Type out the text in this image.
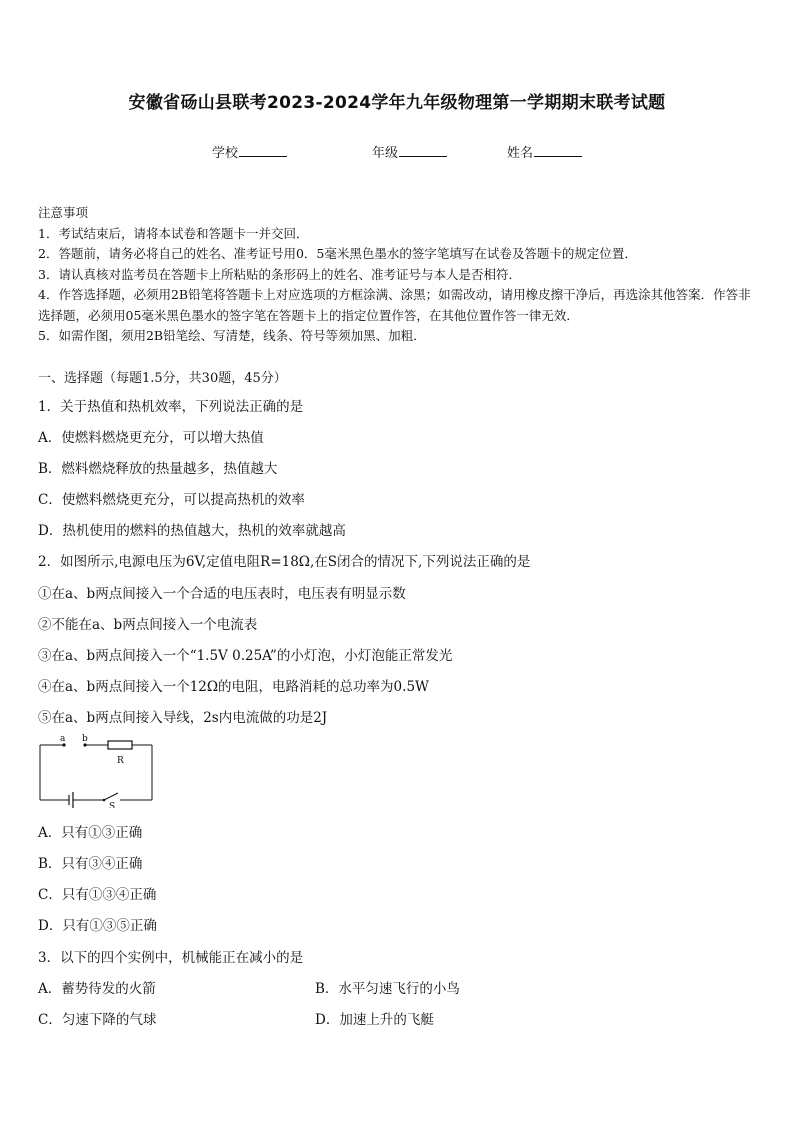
安徽省砀山县联考2023-2024学年九年级物理第一学期期末联考试题
学校	年级	姓名
注意事项
1．考试结束后，请将本试卷和答题卡一并交回．
2．答题前，请务必将自己的姓名、准考证号用0．5毫米黑色墨水的签字笔填写在试卷及答题卡的规定位置．
3．请认真核对监考员在答题卡上所粘贴的条形码上的姓名、准考证号与本人是否相符．
4．作答选择题，必须用2B铅笔将答题卡上对应选项的方框涂满、涂黑；如需改动，请用橡皮擦干净后，再选涂其他答案．作答非选择题，必须用05毫米黑色墨水的签字笔在答题卡上的指定位置作答，在其他位置作答一律无效．
5．如需作图，须用2B铅笔绘、写清楚，线条、符号等须加黑、加粗．
一、选择题（每题1.5分，共30题，45分）
1．关于热值和热机效率，下列说法正确的是
A．使燃料燃烧更充分，可以增大热值
B．燃料燃烧释放的热量越多，热值越大
C．使燃料燃烧更充分，可以提高热机的效率
D．热机使用的燃料的热值越大，热机的效率就越高
2．如图所示,电源电压为6V,定值电阻R=18Ω,在S闭合的情况下,下列说法正确的是
①在a、b两点间接入一个合适的电压表时，电压表有明显示数
②不能在a、b两点间接入一个电流表
③在a、b两点间接入一个“1.5V 0.25A”的小灯泡，小灯泡能正常发光
④在a、b两点间接入一个12Ω的电阻，电路消耗的总功率为0.5W
⑤在a、b两点间接入导线，2s内电流做的功是2J
a b
R
S
A．只有①③正确
B．只有③④正确
C．只有①③④正确
D．只有①③⑤正确
3．以下的四个实例中，机械能正在减小的是
A．蓄势待发的火箭	B．水平匀速飞行的小鸟
C．匀速下降的气球	D．加速上升的飞艇
